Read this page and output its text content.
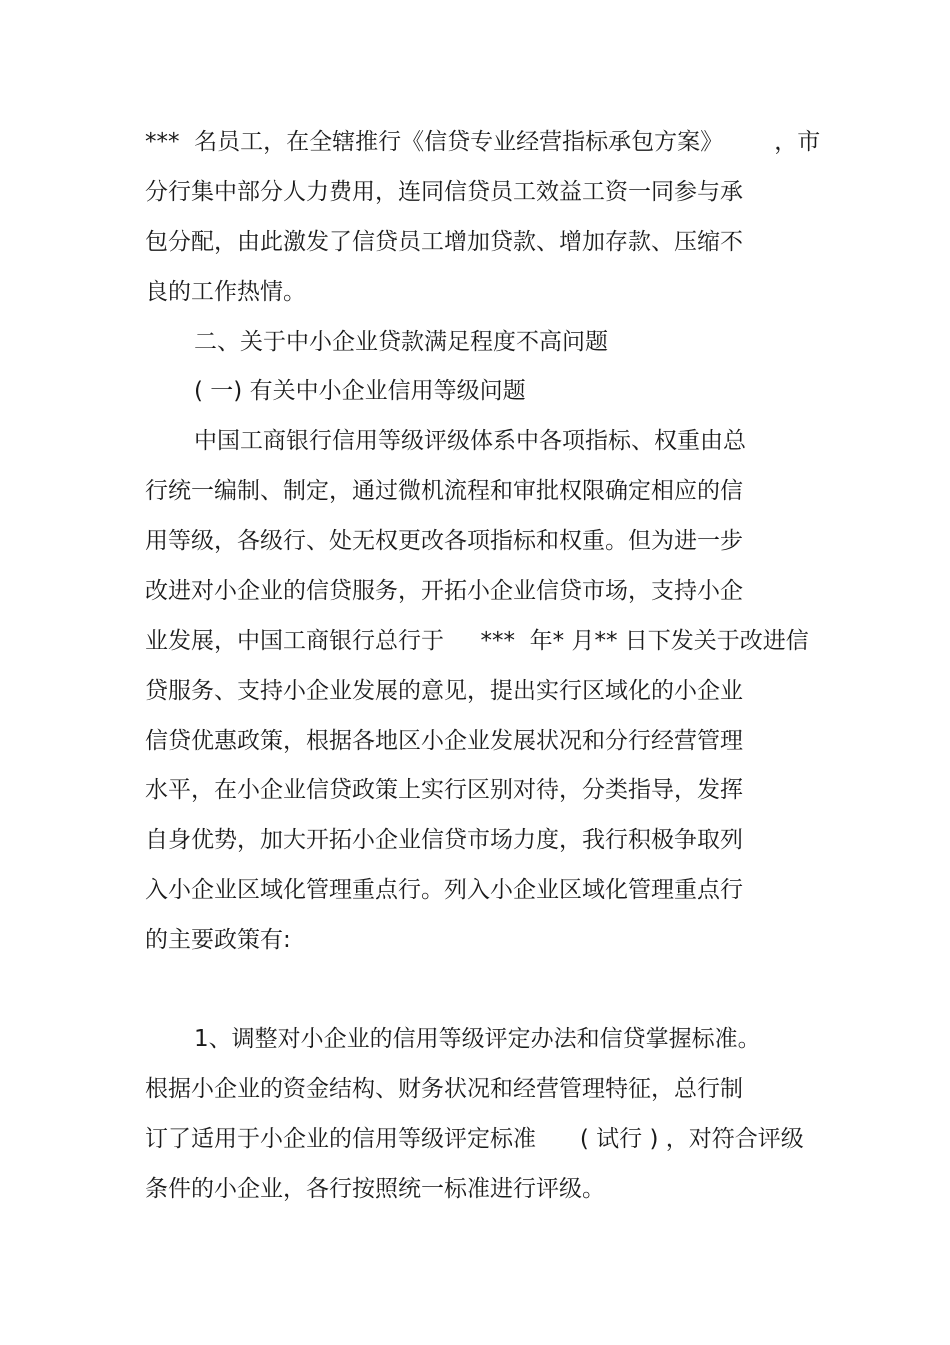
***  名员工，在全辖推行《信贷专业经营指标承包方案》       ，市

分行集中部分人力费用，连同信贷员工效益工资一同参与承

包分配，由此激发了信贷员工增加贷款、增加存款、压缩不

良的工作热情。

二、关于中小企业贷款满足程度不高问题

( 一) 有关中小企业信用等级问题

中国工商银行信用等级评级体系中各项指标、权重由总

行统一编制、制定，通过微机流程和审批权限确定相应的信

用等级，各级行、处无权更改各项指标和权重。但为进一步

改进对小企业的信贷服务，开拓小企业信贷市场，支持小企

业发展，中国工商银行总行于     ***  年* 月** 日下发关于改进信

贷服务、支持小企业发展的意见，提出实行区域化的小企业

信贷优惠政策，根据各地区小企业发展状况和分行经营管理

水平，在小企业信贷政策上实行区别对待，分类指导，发挥

自身优势，加大开拓小企业信贷市场力度，我行积极争取列

入小企业区域化管理重点行。列入小企业区域化管理重点行

的主要政策有:

1、调整对小企业的信用等级评定办法和信贷掌握标准。

根据小企业的资金结构、财务状况和经营管理特征，总行制

订了适用于小企业的信用等级评定标准      ( 试行 ) ，对符合评级

条件的小企业，各行按照统一标准进行评级。
